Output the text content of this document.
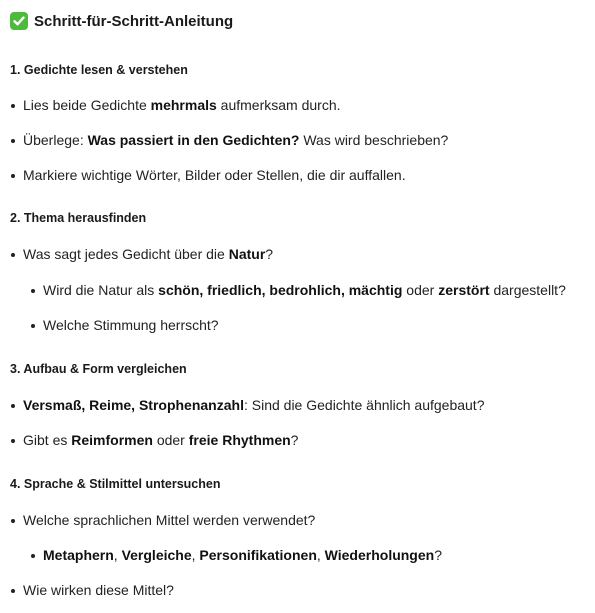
Schritt-für-Schritt-Anleitung
1. Gedichte lesen & verstehen
Lies beide Gedichte mehrmals aufmerksam durch.
Überlege: Was passiert in den Gedichten? Was wird beschrieben?
Markiere wichtige Wörter, Bilder oder Stellen, die dir auffallen.
2. Thema herausfinden
Was sagt jedes Gedicht über die Natur?
Wird die Natur als schön, friedlich, bedrohlich, mächtig oder zerstört dargestellt?
Welche Stimmung herrscht?
3. Aufbau & Form vergleichen
Versmaß, Reime, Strophenanzahl: Sind die Gedichte ähnlich aufgebaut?
Gibt es Reimformen oder freie Rhythmen?
4. Sprache & Stilmittel untersuchen
Welche sprachlichen Mittel werden verwendet?
Metaphern, Vergleiche, Personifikationen, Wiederholungen?
Wie wirken diese Mittel?
